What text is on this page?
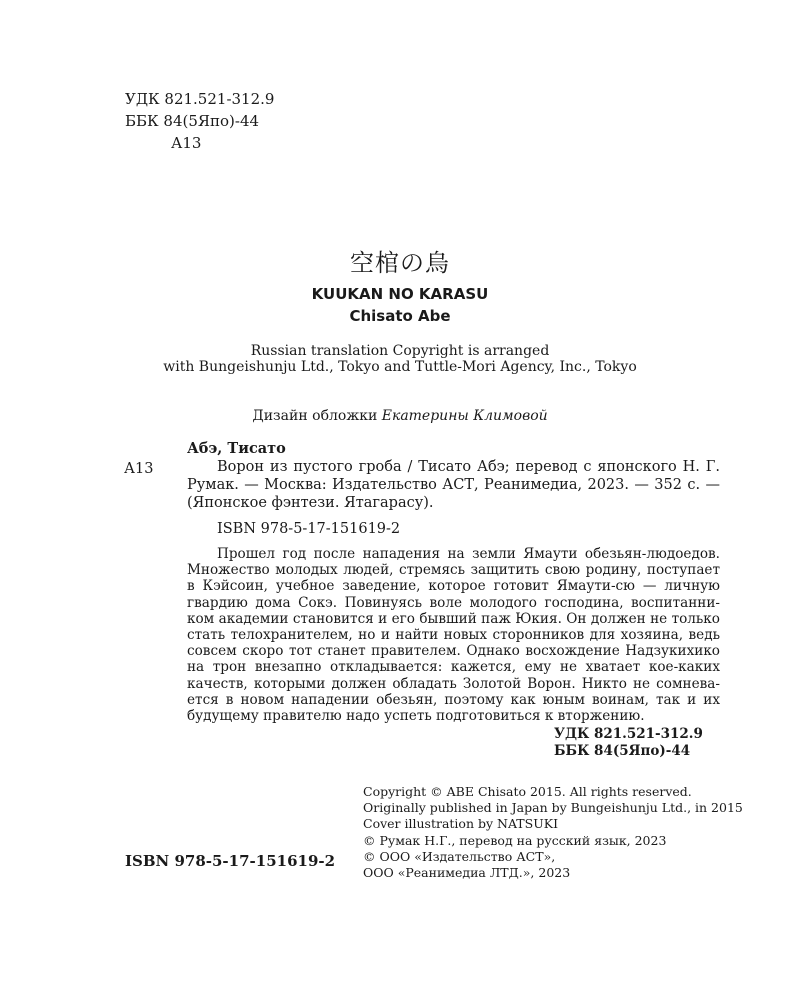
УДК 821.521-312.9
ББК 84(5Япо)-44
А13
空棺の烏
KUUKAN NO KARASU
Chisato Abe
Russian translation Copyright is arranged
with Bungeishunju Ltd., Tokyo and Tuttle-Mori Agency, Inc., Tokyo
Дизайн обложки Екатерины Климовой
Абэ, Тисато
А13	Ворон из пустого гроба / Тисато Абэ; перевод с японского Н. Г. Румак. — Москва: Издательство АСТ, Реанимедиа, 2023. — 352 с. — (Японское фэнтези. Ятагарасу).
ISBN 978-5-17-151619-2
Прошел год после нападения на земли Ямаути обезьян-людоедов. Множество молодых людей, стремясь защитить свою родину, поступает в Кэйсоин, учебное заведение, которое готовит Ямаути-сю — личную гвардию дома Сокэ. Повинуясь воле молодого господина, воспитанником академии становится и его бывший паж Юкия. Он должен не только стать телохранителем, но и найти новых сторонников для хозяина, ведь совсем скоро тот станет правителем. Однако восхождение Надзукихико на трон внезапно откладывается: кажется, ему не хватает кое-каких качеств, которыми должен обладать Золотой Ворон. Никто не сомневается в новом нападении обезьян, поэтому как юным воинам, так и их будущему правителю надо успеть подготовиться к вторжению.
УДК 821.521-312.9
ББК 84(5Япо)-44
Copyright © ABE Chisato 2015. All rights reserved.
Originally published in Japan by Bungeishunju Ltd., in 2015
Cover illustration by NATSUKI
© Румак Н.Г., перевод на русский язык, 2023
© ООО «Издательство АСТ»,
ООО «Реанимедиа ЛТД.», 2023
ISBN 978-5-17-151619-2
